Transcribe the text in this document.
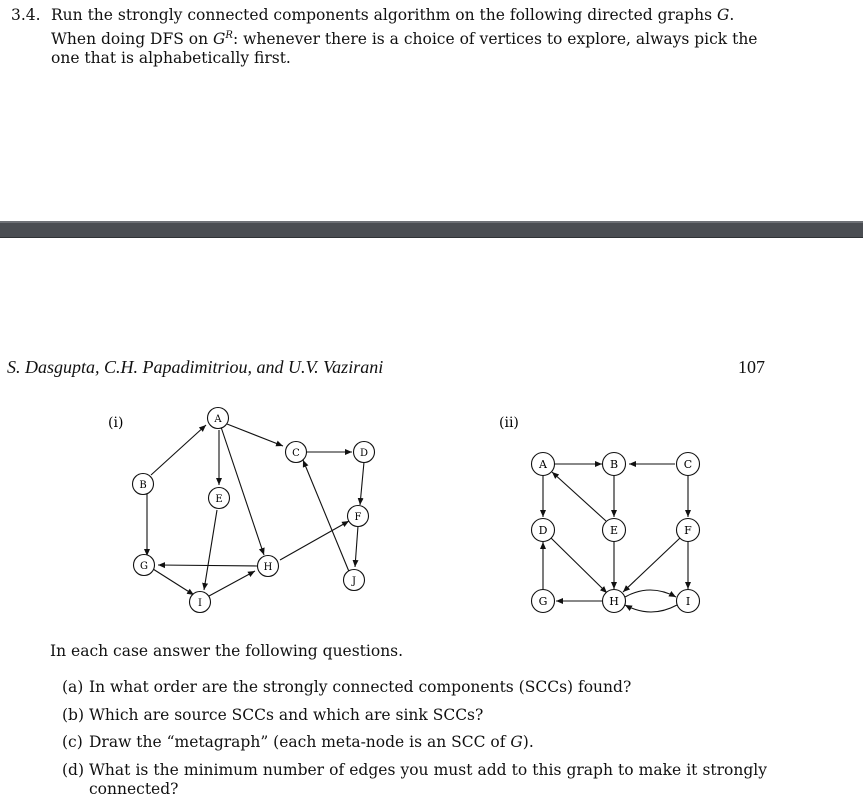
3.4. Run the strongly connected components algorithm on the following directed graphs G. When doing DFS on $G^R$: whenever there is a choice of vertices to explore, always pick the one that is alphabetically first.
S. Dasgupta, C.H. Papadimitriou, and U.V. Vazirani	107
(i)	(ii)
A
B
C	D
E
F
G	H
I
J
A	B	C
D	E	F
G	H	I
In each case answer the following questions.
(a) In what order are the strongly connected components (SCCs) found?
(b) Which are source SCCs and which are sink SCCs?
(c) Draw the “metagraph” (each meta-node is an SCC of G).
(d) What is the minimum number of edges you must add to this graph to make it strongly connected?
